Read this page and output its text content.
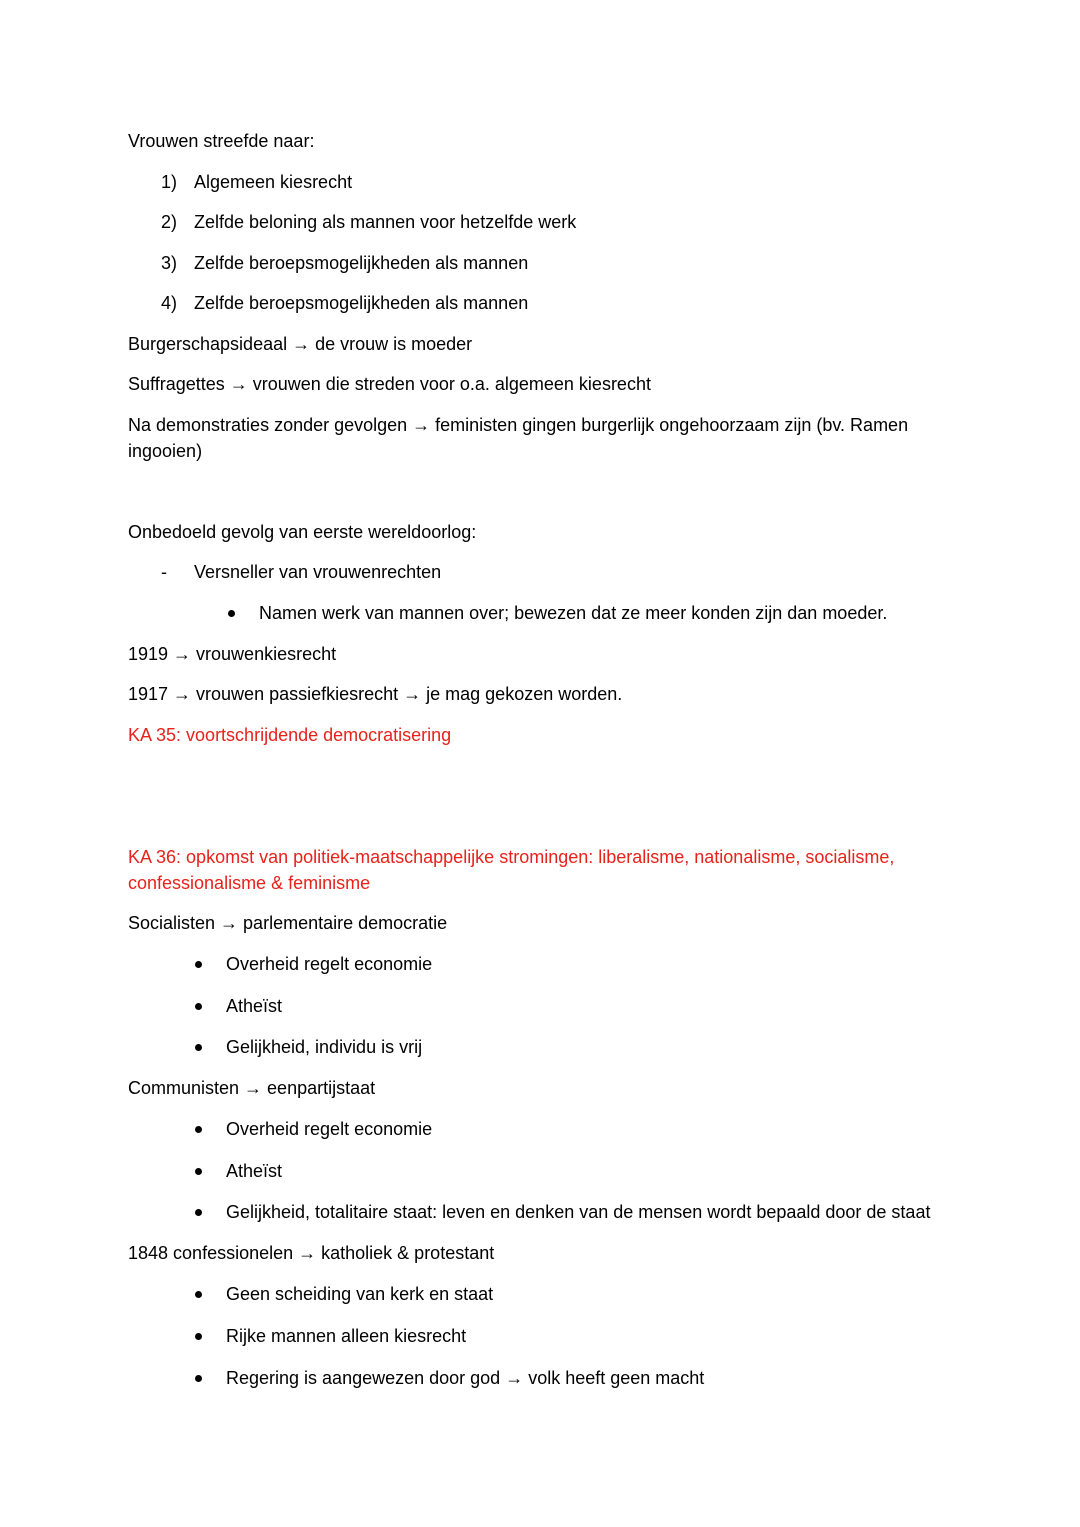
Vrouwen streefde naar:
1) Algemeen kiesrecht
2) Zelfde beloning als mannen voor hetzelfde werk
3) Zelfde beroepsmogelijkheden als mannen
4) Zelfde beroepsmogelijkheden als mannen
Burgerschapsideaal → de vrouw is moeder
Suffragettes → vrouwen die streden voor o.a. algemeen kiesrecht
Na demonstraties zonder gevolgen → feministen gingen burgerlijk ongehoorzaam zijn (bv. Ramen ingooien)
Onbedoeld gevolg van eerste wereldoorlog:
- Versneller van vrouwenrechten
Namen werk van mannen over; bewezen dat ze meer konden zijn dan moeder.
1919 → vrouwenkiesrecht
1917 → vrouwen passiefkiesrecht → je mag gekozen worden.
KA 35: voortschrijdende democratisering
KA 36: opkomst van politiek-maatschappelijke stromingen: liberalisme, nationalisme, socialisme, confessionalisme & feminisme
Socialisten → parlementaire democratie
Overheid regelt economie
Atheïst
Gelijkheid, individu is vrij
Communisten → eenpartijstaat
Overheid regelt economie
Atheïst
Gelijkheid, totalitaire staat: leven en denken van de mensen wordt bepaald door de staat
1848 confessionelen → katholiek & protestant
Geen scheiding van kerk en staat
Rijke mannen alleen kiesrecht
Regering is aangewezen door god → volk heeft geen macht
